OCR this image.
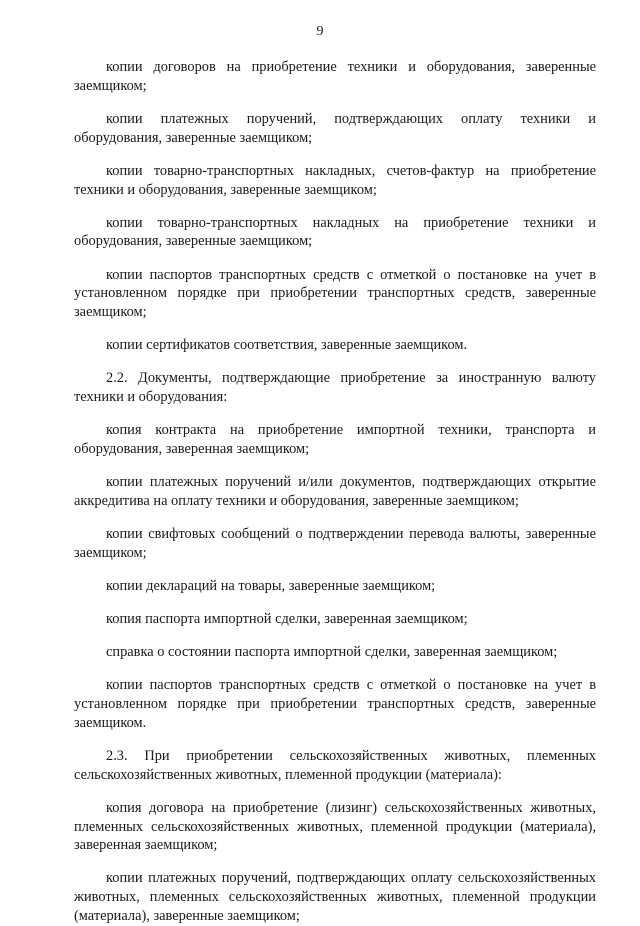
9

копии договоров на приобретение техники и оборудования, заверенные заемщиком;

копии платежных поручений, подтверждающих оплату техники и оборудования, заверенные заемщиком;

копии товарно-транспортных накладных, счетов-фактур на приобретение техники и оборудования, заверенные заемщиком;

копии товарно-транспортных накладных на приобретение техники и оборудования, заверенные заемщиком;

копии паспортов транспортных средств с отметкой о постановке на учет в установленном порядке при приобретении транспортных средств, заверенные заемщиком;

копии сертификатов соответствия, заверенные заемщиком.

2.2. Документы, подтверждающие приобретение за иностранную валюту техники и оборудования:

копия контракта на приобретение импортной техники, транспорта и оборудования, заверенная заемщиком;

копии платежных поручений и/или документов, подтверждающих открытие аккредитива на оплату техники и оборудования, заверенные заемщиком;

копии свифтовых сообщений о подтверждении перевода валюты, заверенные заемщиком;

копии деклараций на товары, заверенные заемщиком;

копия паспорта импортной сделки, заверенная заемщиком;

справка о состоянии паспорта импортной сделки, заверенная заемщиком;

копии паспортов транспортных средств с отметкой о постановке на учет в установленном порядке при приобретении транспортных средств, заверенные заемщиком.

2.3. При приобретении сельскохозяйственных животных, племенных сельскохозяйственных животных, племенной продукции (материала):

копия договора на приобретение (лизинг) сельскохозяйственных животных, племенных сельскохозяйственных животных, племенной продукции (материала), заверенная заемщиком;

копии платежных поручений, подтверждающих оплату сельскохозяйственных животных, племенных сельскохозяйственных животных, племенной продукции (материала), заверенные заемщиком;
